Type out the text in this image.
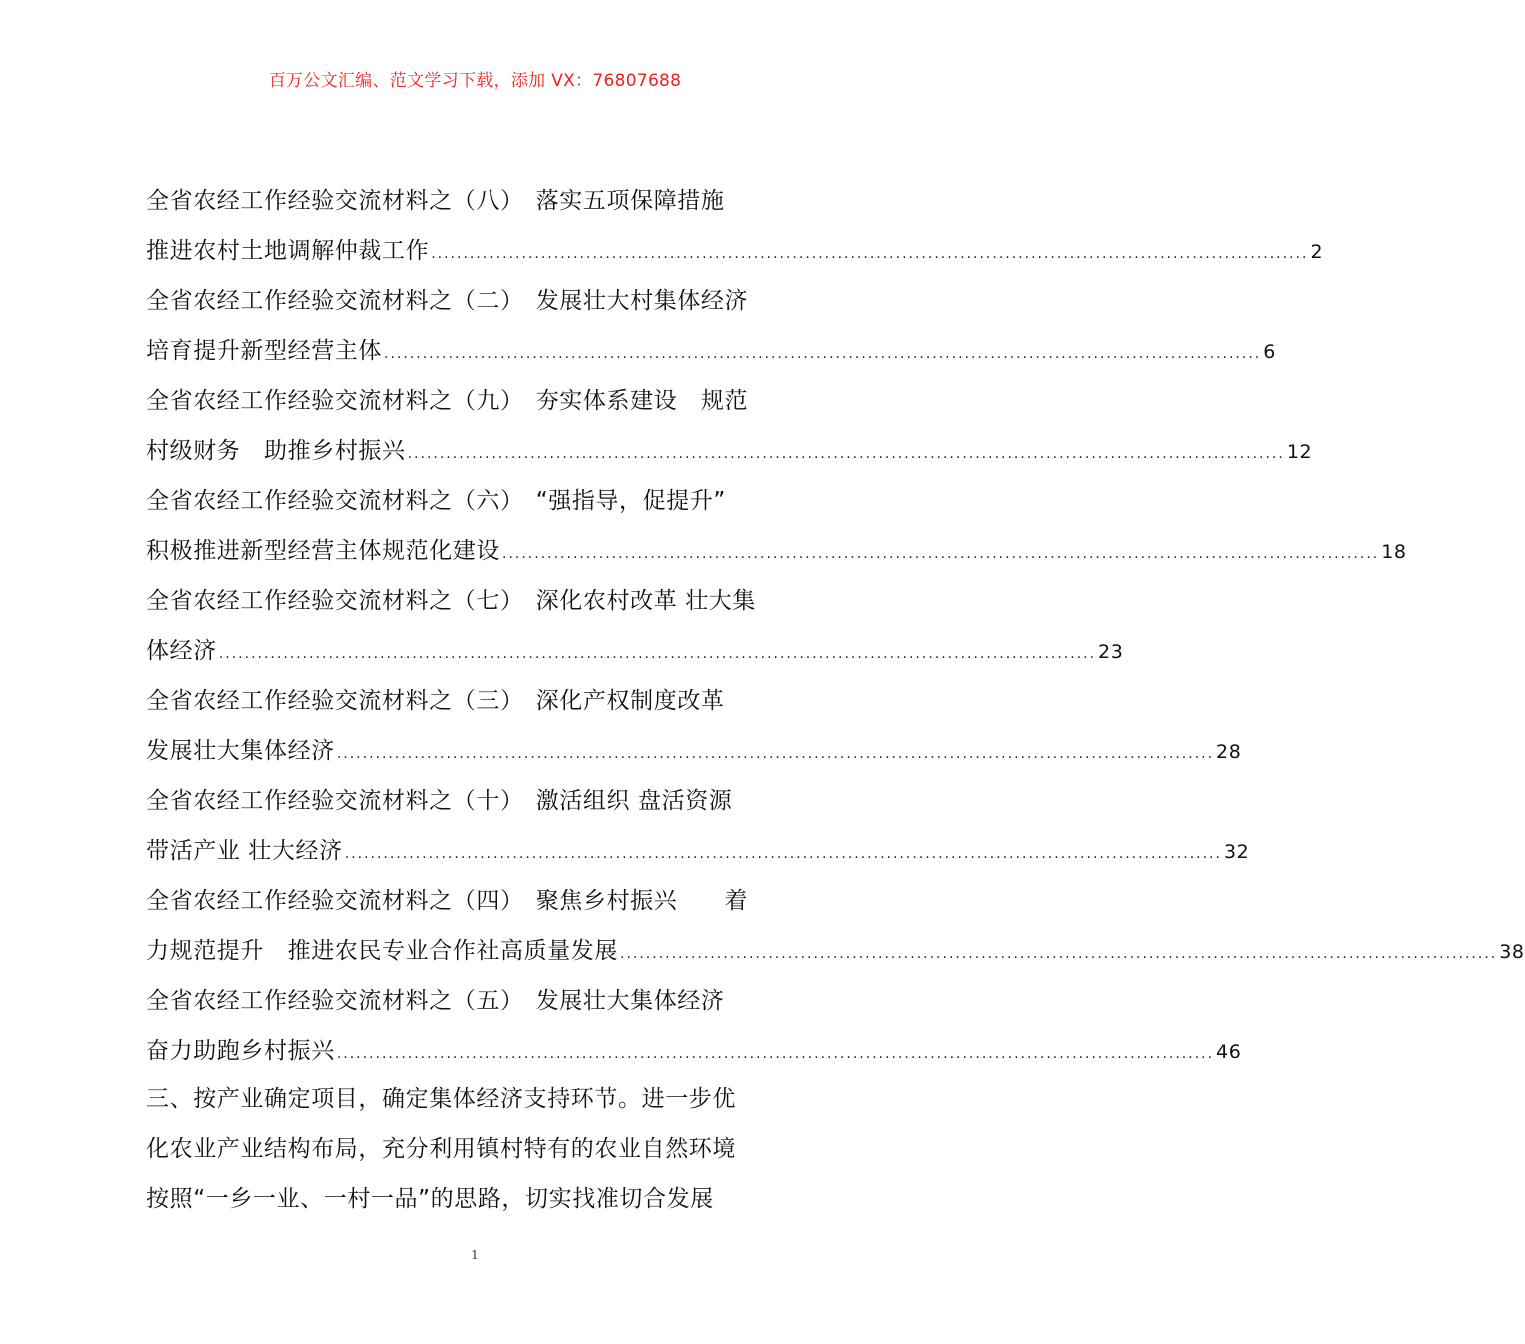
百万公文汇编、范文学习下载，添加 VX：76807688
全省农经工作经验交流材料之（八）　落实五项保障措施
推进农村土地调解仲裁工作 ........................................................................................................................................ 2
全省农经工作经验交流材料之（二）　发展壮大村集体经济
培育提升新型经营主体 ........................................................................................................................................ 6
全省农经工作经验交流材料之（九）　夯实体系建设　规范
村级财务　助推乡村振兴 ........................................................................................................................................ 12
全省农经工作经验交流材料之（六）　“强指导，促提升”
积极推进新型经营主体规范化建设 ........................................................................................................................................ 18
全省农经工作经验交流材料之（七）　深化农村改革 壮大集
体经济 ........................................................................................................................................ 23
全省农经工作经验交流材料之（三）　深化产权制度改革
发展壮大集体经济 ........................................................................................................................................ 28
全省农经工作经验交流材料之（十）　激活组织 盘活资源
带活产业 壮大经济 ........................................................................................................................................ 32
全省农经工作经验交流材料之（四）　聚焦乡村振兴　　着
力规范提升　推进农民专业合作社高质量发展 ........................................................................................................................................ 38
全省农经工作经验交流材料之（五）　发展壮大集体经济
奋力助跑乡村振兴 ........................................................................................................................................ 46
三、按产业确定项目，确定集体经济支持环节。进一步优
化农业产业结构布局，充分利用镇村特有的农业自然环境
按照“一乡一业、一村一品”的思路，切实找准切合发展
1
